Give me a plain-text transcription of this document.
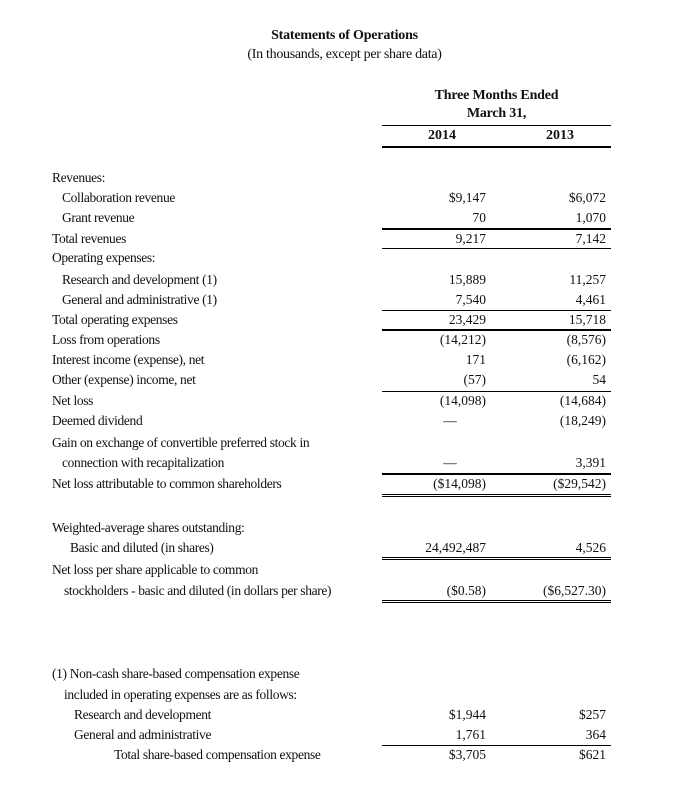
Statements of Operations
(In thousands, except per share data)
Three Months Ended
March 31,
2014	2013
Revenues:
Collaboration revenue	$9,147	$6,072
Grant revenue	70	1,070
Total revenues	9,217	7,142
Operating expenses:
Research and development (1)	15,889	11,257
General and administrative (1)	7,540	4,461
Total operating expenses	23,429	15,718
Loss from operations	(14,212)	(8,576)
Interest income (expense), net	171	(6,162)
Other (expense) income, net	(57)	54
Net loss	(14,098)	(14,684)
Deemed dividend	—	(18,249)
Gain on exchange of convertible preferred stock in
connection with recapitalization	—	3,391
Net loss attributable to common shareholders	($14,098)	($29,542)
Weighted-average shares outstanding:
Basic and diluted (in shares)	24,492,487	4,526
Net loss per share applicable to common
stockholders - basic and diluted (in dollars per share)	($0.58)	($6,527.30)
(1) Non-cash share-based compensation expense
included in operating expenses are as follows:
Research and development	$1,944	$257
General and administrative	1,761	364
Total share-based compensation expense	$3,705	$621
